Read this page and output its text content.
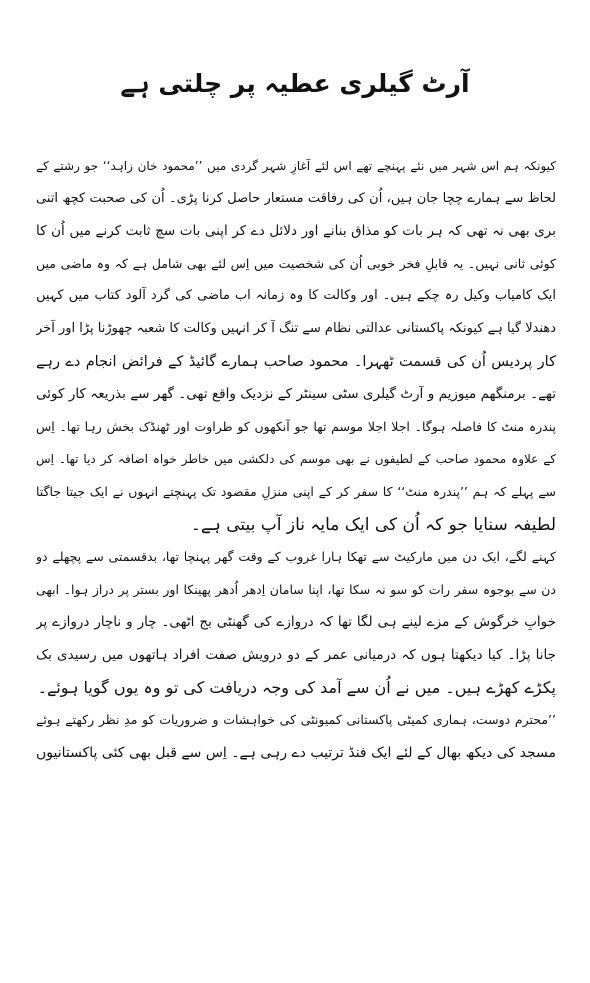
آرٹ گیلری عطیہ پر چلتی ہے
کیونکہ ہم اس شہر میں نئے پہنچے تھے اس لئے آغازِ شہر گردی میں ’’محمود خان زاہد‘‘ جو رشتے کے
لحاظ سے ہمارے چچا جان ہیں، اُن کی رفاقت مستعار حاصل کرنا پڑی۔ اُن کی صحبت کچھ اتنی
بری بھی نہ تھی کہ ہر بات کو مذاق بنانے اور دلائل دے کر اپنی بات سچ ثابت کرنے میں اُن کا
کوئی ثانی نہیں۔ یہ قابلِ فخر خوبی اُن کی شخصیت میں اِس لئے بھی شامل ہے کہ وہ ماضی میں
ایک کامیاب وکیل رہ چکے ہیں۔ اور وکالت کا وہ زمانہ اب ماضی کی گرد آلود کتاب میں کہیں
دھندلا گیا ہے کیونکہ پاکستانی عدالتی نظام سے تنگ آ کر انہیں وکالت کا شعبہ چھوڑنا پڑا اور آخر
کار پردیس اُن کی قسمت ٹھہرا۔ محمود صاحب ہمارے گائیڈ کے فرائض انجام دے رہے
تھے۔ برمنگھم میوزیم و آرٹ گیلری سٹی سینٹر کے نزدیک واقع تھی۔ گھر سے بذریعہ کار کوئی
پندرہ منٹ کا فاصلہ ہوگا۔ اجلا اجلا موسم تھا جو آنکھوں کو طراوت اور ٹھنڈک بخش رہا تھا۔ اِس
کے علاوہ محمود صاحب کے لطیفوں نے بھی موسم کی دلکشی میں خاطر خواہ اضافہ کر دیا تھا۔ اِس
سے پہلے کہ ہم ’’پندرہ منٹ‘‘ کا سفر کر کے اپنی منزلِ مقصود تک پہنچتے انہوں نے ایک جیتا جاگتا
لطیفہ سنایا جو کہ اُن کی ایک مایہ ناز آپ بیتی ہے۔
کہنے لگے، ایک دن میں مارکیٹ سے تھکا ہارا غروب کے وقت گھر پہنچا تھا، بدقسمتی سے پچھلے دو
دن سے بوجوہ سفر رات کو سو نہ سکا تھا، اپنا سامان اِدھر اُدھر پھینکا اور بستر پر دراز ہوا۔ ابھی
خوابِ خرگوش کے مزے لینے ہی لگا تھا کہ دروازے کی گھنٹی بج اٹھی۔ چار و ناچار دروازے پر
جانا پڑا۔ کیا دیکھتا ہوں کہ درمیانی عمر کے دو درویش صفت افراد ہاتھوں میں رسیدی بک
پکڑے کھڑے ہیں۔ میں نے اُن سے آمد کی وجہ دریافت کی تو وہ یوں گویا ہوئے۔
’’محترم دوست، ہماری کمیٹی پاکستانی کمیونٹی کی خواہشات و ضروریات کو مدِ نظر رکھتے ہوئے
مسجد کی دیکھ بھال کے لئے ایک فنڈ ترتیب دے رہی ہے۔ اِس سے قبل بھی کئی پاکستانیوں
